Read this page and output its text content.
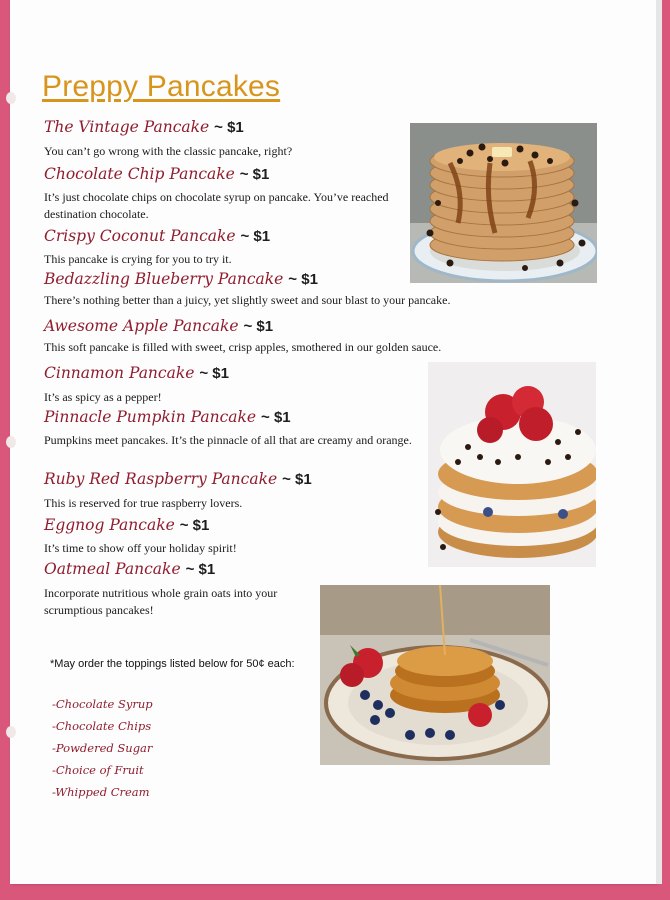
Preppy Pancakes
The Vintage Pancake ~ $1
You can’t go wrong with the classic pancake, right?
Chocolate Chip Pancake ~ $1
It’s just chocolate chips on chocolate syrup on pancake. You’ve reached destination chocolate.
Crispy Coconut Pancake ~ $1
This pancake is crying for you to try it.
Bedazzling Blueberry Pancake ~ $1
There’s nothing better than a juicy, yet slightly sweet and sour blast to your pancake.
Awesome Apple Pancake ~ $1
This soft pancake is filled with sweet, crisp apples, smothered in our golden sauce.
Cinnamon Pancake ~ $1
It’s as spicy as a pepper!
Pinnacle Pumpkin Pancake ~ $1
Pumpkins meet pancakes. It’s the pinnacle of all that are creamy and orange.
Ruby Red Raspberry Pancake ~ $1
This is reserved for true raspberry lovers.
Eggnog Pancake ~ $1
It’s time to show off your holiday spirit!
Oatmeal Pancake ~ $1
Incorporate nutritious whole grain oats into your scrumptious pancakes!
*May order the toppings listed below for 50¢ each:
-Chocolate Syrup
-Chocolate Chips
-Powdered Sugar
-Choice of Fruit
-Whipped Cream
